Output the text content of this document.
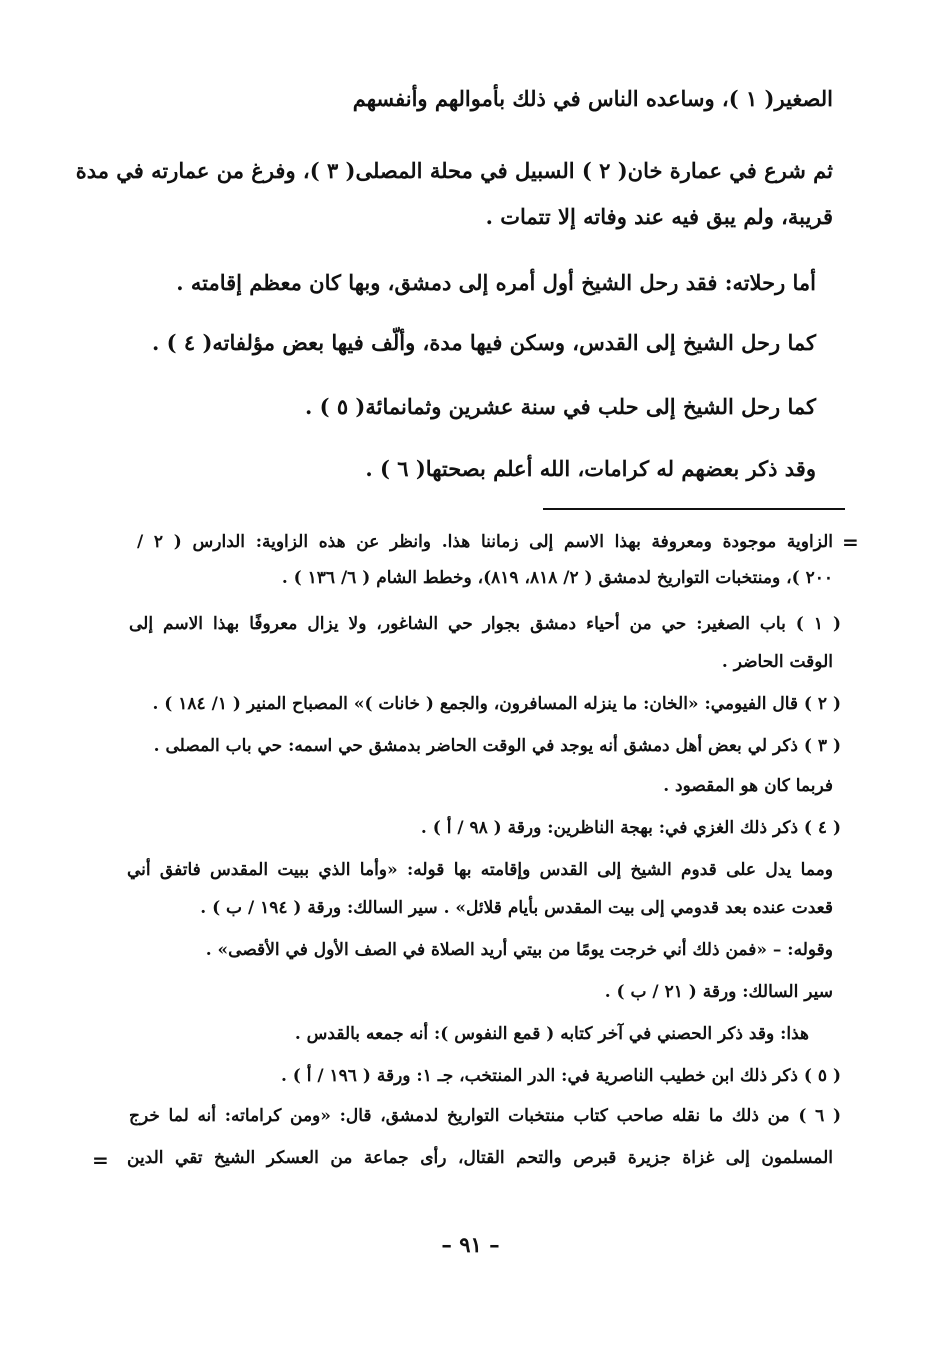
الصغير( ١ )، وساعده الناس في ذلك بأموالهم وأنفسهم
ثم شرع في عمارة خان( ٢ ) السبيل في محلة المصلى( ٣ )، وفرغ من عمارته في مدة
قريبة، ولم يبق فيه عند وفاته إلا تتمات .
أما رحلاته: فقد رحل الشيخ أول أمره إلى دمشق، وبها كان معظم إقامته .
كما رحل الشيخ إلى القدس، وسكن فيها مدة، وألّف فيها بعض مؤلفاته( ٤ ) .
كما رحل الشيخ إلى حلب في سنة عشرين وثمانمائة( ٥ ) .
وقد ذكر بعضهم له كرامات، الله أعلم بصحتها( ٦ ) .
=
الزاوية موجودة ومعروفة بهذا الاسم إلى زماننا هذا. وانظر عن هذه الزاوية: الدارس ( ٢ /
٢٠٠ )، ومنتخبات التواريخ لدمشق ( ٢/ ٨١٨، ٨١٩)، وخطط الشام ( ٦/ ١٣٦ ) .
( ١ ) باب الصغير: حي من أحياء دمشق بجوار حي الشاغور، ولا يزال معروفًا بهذا الاسم إلى
الوقت الحاضر .
( ٢ ) قال الفيومي: «الخان: ما ينزله المسافرون، والجمع ( خانات )» المصباح المنير ( ١/ ١٨٤ ) .
( ٣ ) ذكر لي بعض أهل دمشق أنه يوجد في الوقت الحاضر بدمشق حي اسمه: حي باب المصلى .
فربما كان هو المقصود .
( ٤ ) ذكر ذلك الغزي في: بهجة الناظرين: ورقة ( ٩٨ / أ ) .
ومما يدل على قدوم الشيخ إلى القدس وإقامته بها قوله: «وأما الذي ببيت المقدس فاتفق أني
قعدت عنده بعد قدومي إلى بيت المقدس بأيام قلائل» . سير السالك: ورقة ( ١٩٤ / ب ) .
وقوله: – «فمن ذلك أني خرجت يومًا من بيتي أريد الصلاة في الصف الأول في الأقصى» .
سير السالك: ورقة ( ٢١ / ب ) .
هذا: وقد ذكر الحصني في آخر كتابه ( قمع النفوس ): أنه جمعه بالقدس .
( ٥ ) ذكر ذلك ابن خطيب الناصرية في: الدر المنتخب، جـ ١: ورقة ( ١٩٦ / أ ) .
( ٦ ) من ذلك ما نقله صاحب كتاب منتخبات التواريخ لدمشق، قال: «ومن كراماته: أنه لما خرج
المسلمون إلى غزاة جزيرة قبرص والتحم القتال، رأى جماعة من العسكر الشيخ تقي الدين
=
– ٩١ –
